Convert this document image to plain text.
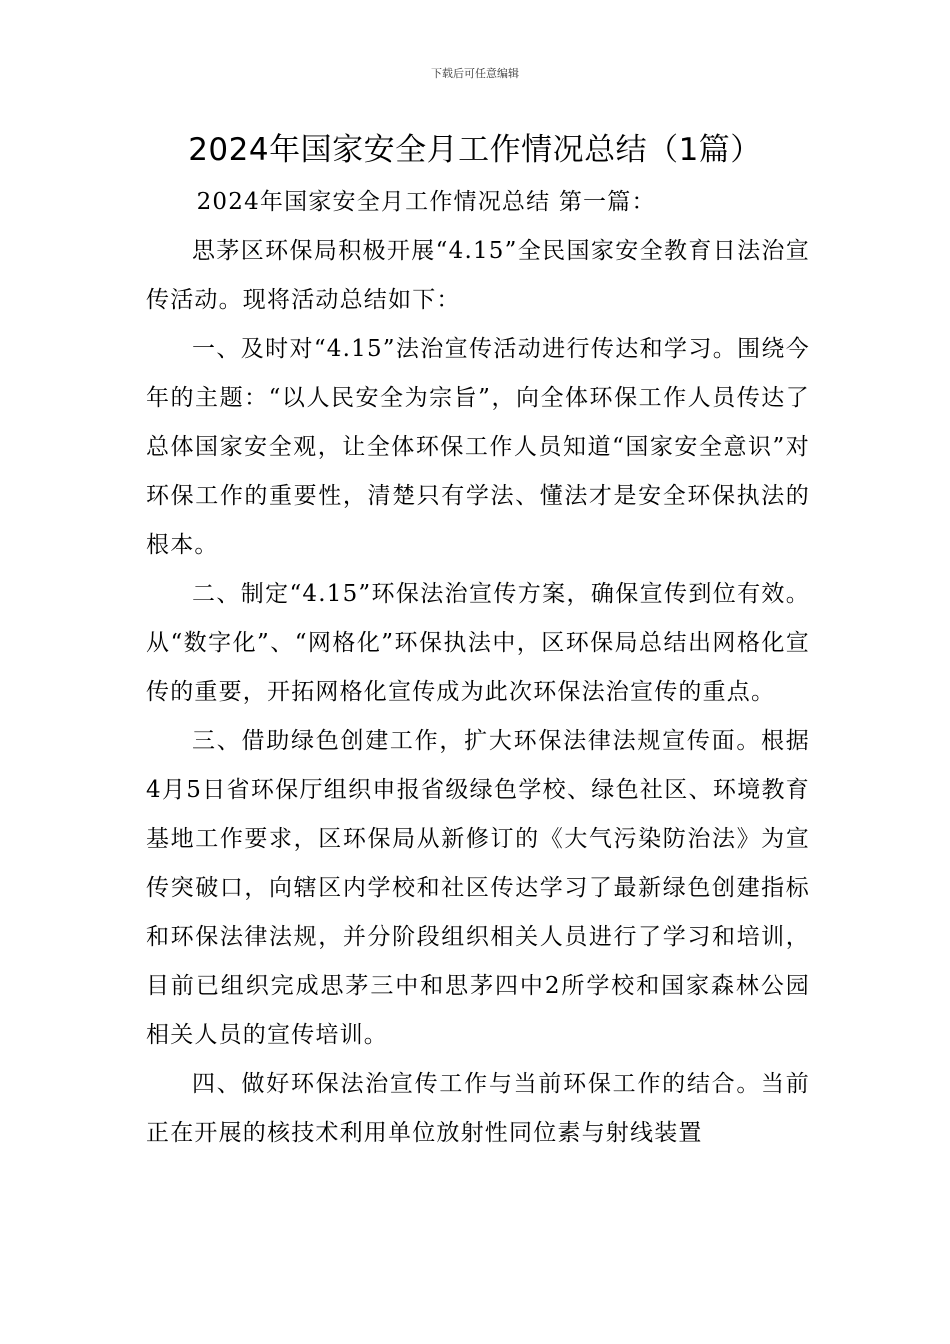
下载后可任意编辑
2024年国家安全月工作情况总结（1篇）

2024年国家安全月工作情况总结 第一篇：

思茅区环保局积极开展“4.15”全民国家安全教育日法治宣传活动。现将活动总结如下：

一、及时对“4.15”法治宣传活动进行传达和学习。围绕今年的主题：“以人民安全为宗旨”，向全体环保工作人员传达了总体国家安全观，让全体环保工作人员知道“国家安全意识”对环保工作的重要性，清楚只有学法、懂法才是安全环保执法的根本。

二、制定“4.15”环保法治宣传方案，确保宣传到位有效。从“数字化”、“网格化”环保执法中，区环保局总结出网格化宣传的重要，开拓网格化宣传成为此次环保法治宣传的重点。

三、借助绿色创建工作，扩大环保法律法规宣传面。根据4月5日省环保厅组织申报省级绿色学校、绿色社区、环境教育基地工作要求，区环保局从新修订的《大气污染防治法》为宣传突破口，向辖区内学校和社区传达学习了最新绿色创建指标和环保法律法规，并分阶段组织相关人员进行了学习和培训，目前已组织完成思茅三中和思茅四中2所学校和国家森林公园相关人员的宣传培训。

四、做好环保法治宣传工作与当前环保工作的结合。当前正在开展的核技术利用单位放射性同位素与射线装置
